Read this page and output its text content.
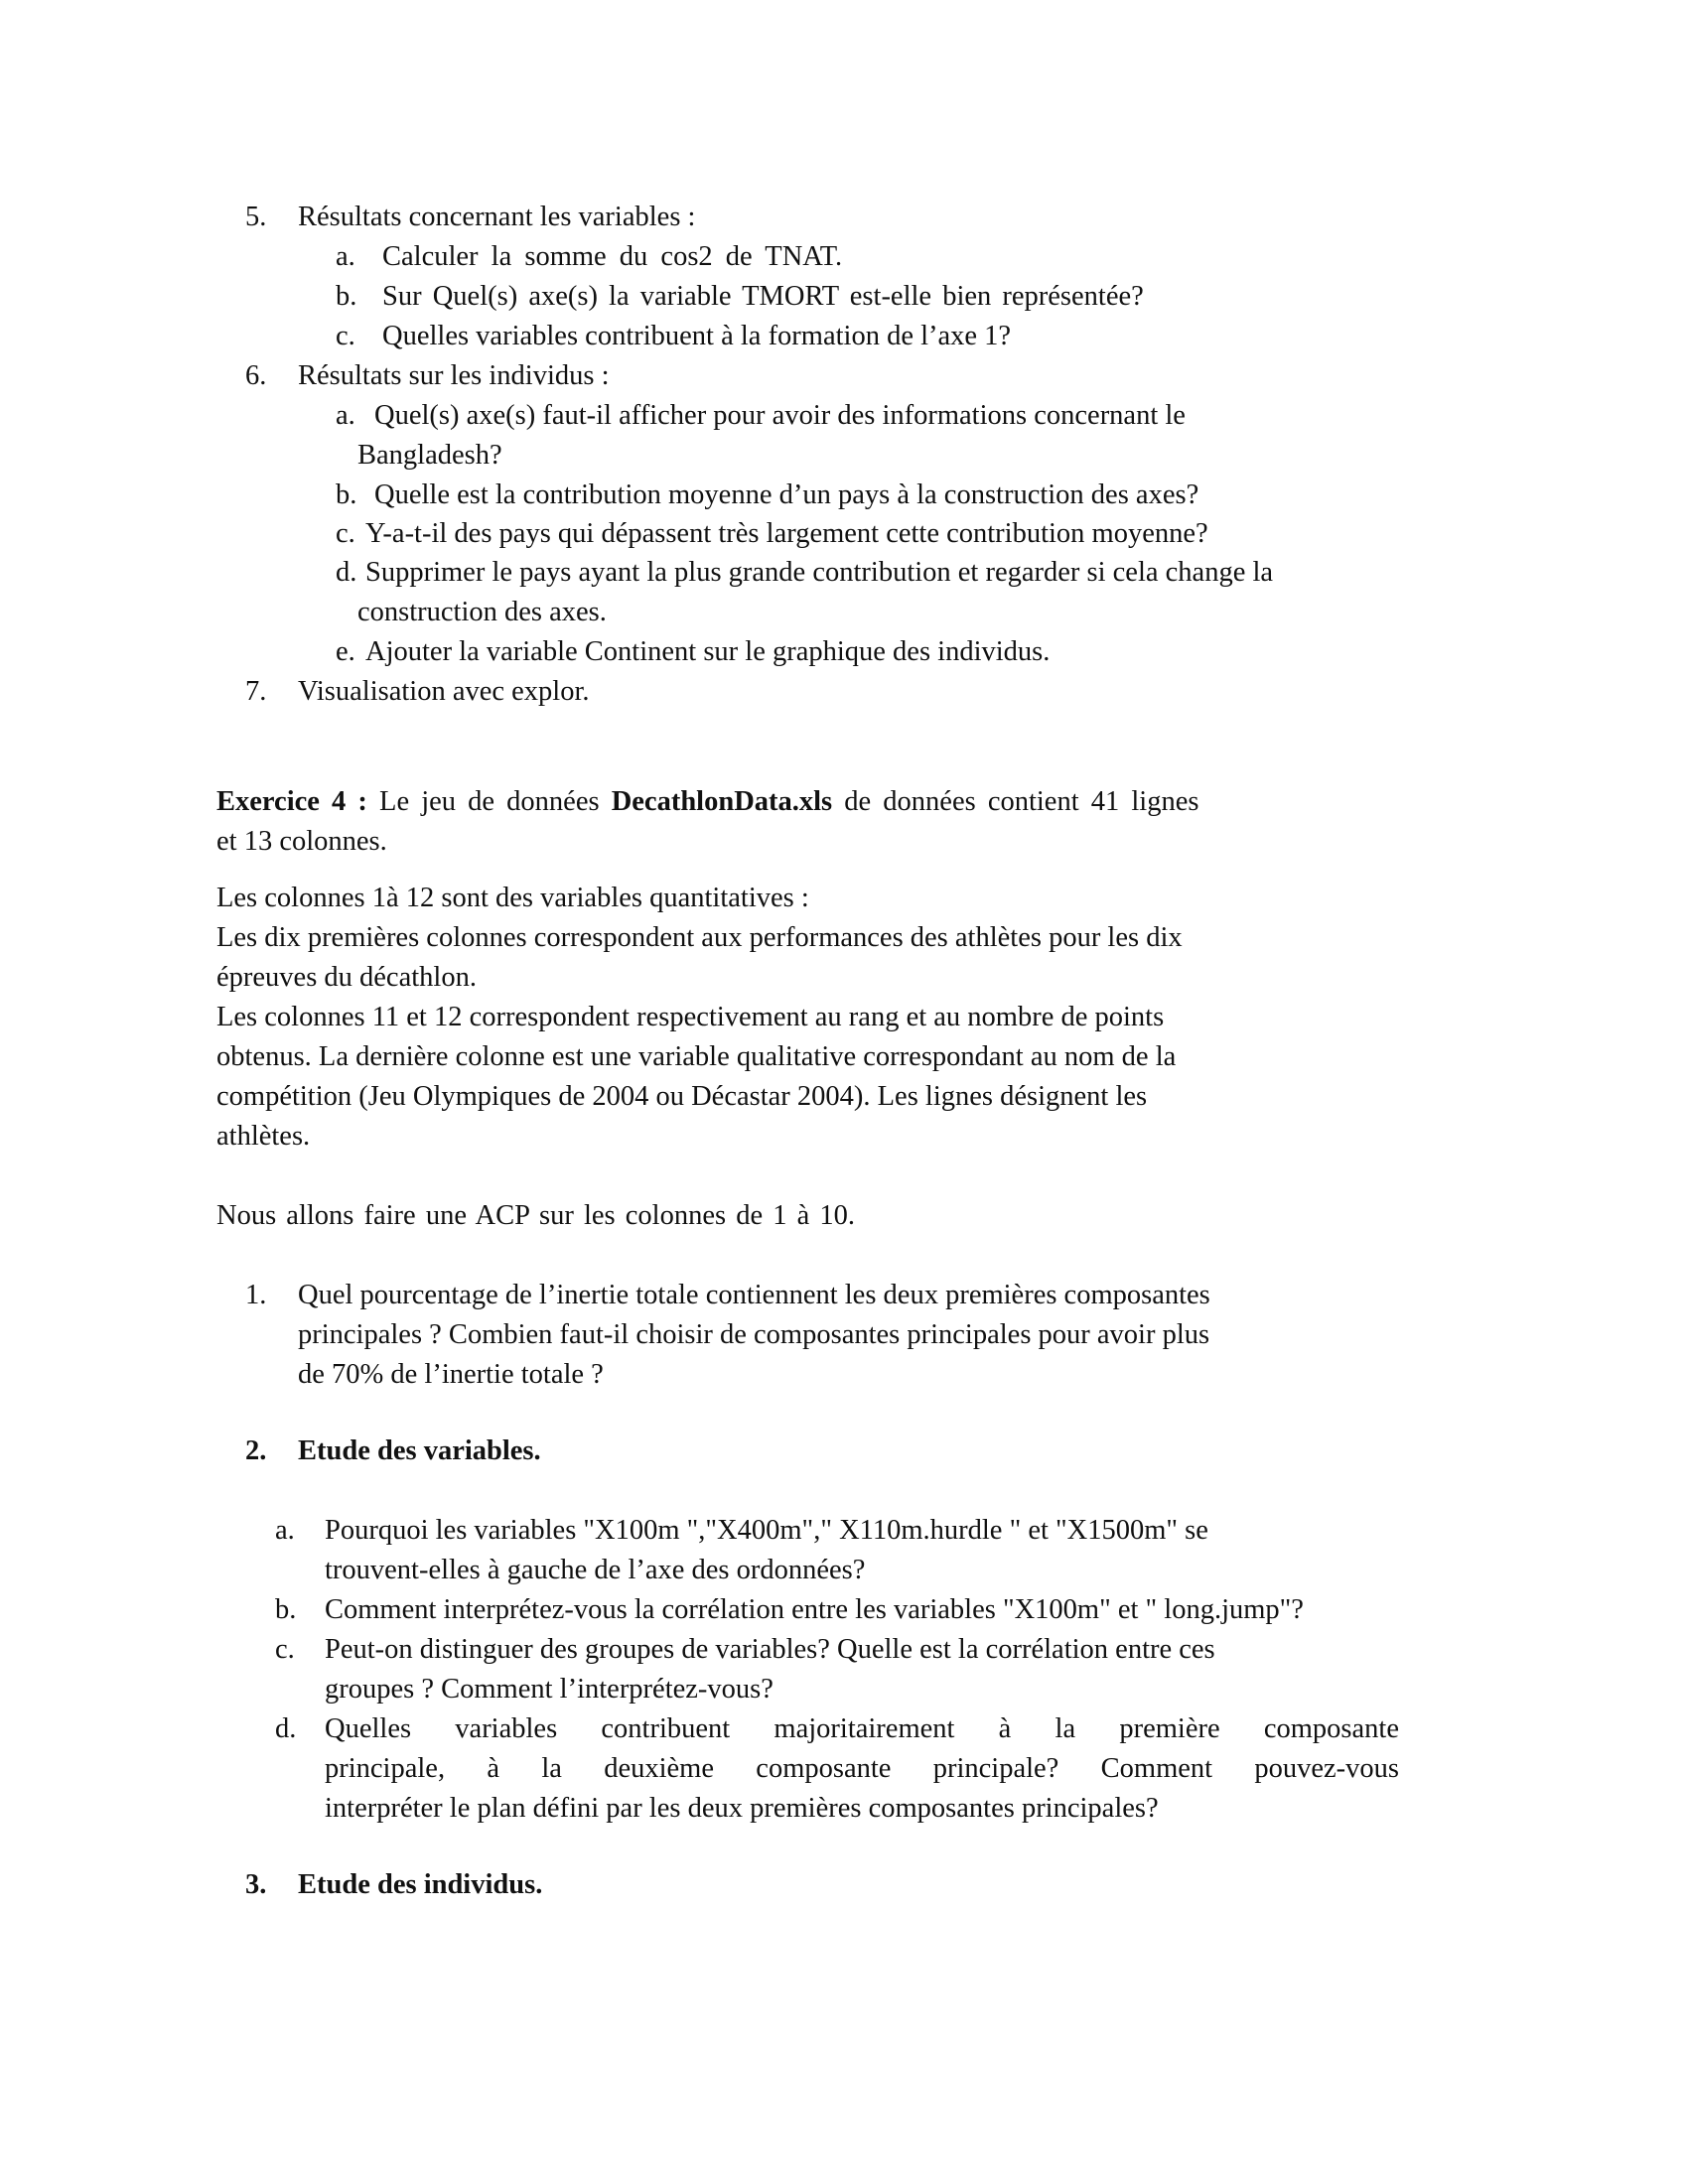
5. Résultats concernant les variables :
a. Calculer la somme du cos2 de TNAT.
b. Sur Quel(s) axe(s) la variable TMORT est-elle bien représentée?
c. Quelles variables contribuent à la formation de l’axe 1?
6. Résultats sur les individus :
a. Quel(s) axe(s) faut-il afficher pour avoir des informations concernant le
Bangladesh?
b. Quelle est la contribution moyenne d’un pays à la construction des axes?
c. Y-a-t-il des pays qui dépassent très largement cette contribution moyenne?
d. Supprimer le pays ayant la plus grande contribution et regarder si cela change la
construction des axes.
e. Ajouter la variable Continent sur le graphique des individus.
7. Visualisation avec explor.
Exercice 4 : Le jeu de données DecathlonData.xls de données contient 41 lignes
et 13 colonnes.
Les colonnes 1à 12 sont des variables quantitatives :
Les dix premières colonnes correspondent aux performances des athlètes pour les dix
épreuves du décathlon.
Les colonnes 11 et 12 correspondent respectivement au rang et au nombre de points
obtenus. La dernière colonne est une variable qualitative correspondant au nom de la
compétition (Jeu Olympiques de 2004 ou Décastar 2004). Les lignes désignent les
athlètes.
Nous allons faire une ACP sur les colonnes de 1 à 10.
1. Quel pourcentage de l’inertie totale contiennent les deux premières composantes
principales ? Combien faut-il choisir de composantes principales pour avoir plus
de 70% de l’inertie totale ?
2. Etude des variables.
a. Pourquoi les variables "X100m ","X400m"," X110m.hurdle " et "X1500m" se
trouvent-elles à gauche de l’axe des ordonnées?
b. Comment interprétez-vous la corrélation entre les variables "X100m" et " long.jump"?
c. Peut-on distinguer des groupes de variables? Quelle est la corrélation entre ces
groupes ? Comment l’interprétez-vous?
d. Quelles variables contribuent majoritairement à la première composante
principale, à la deuxième composante principale? Comment pouvez-vous
interpréter le plan défini par les deux premières composantes principales?
3. Etude des individus.
